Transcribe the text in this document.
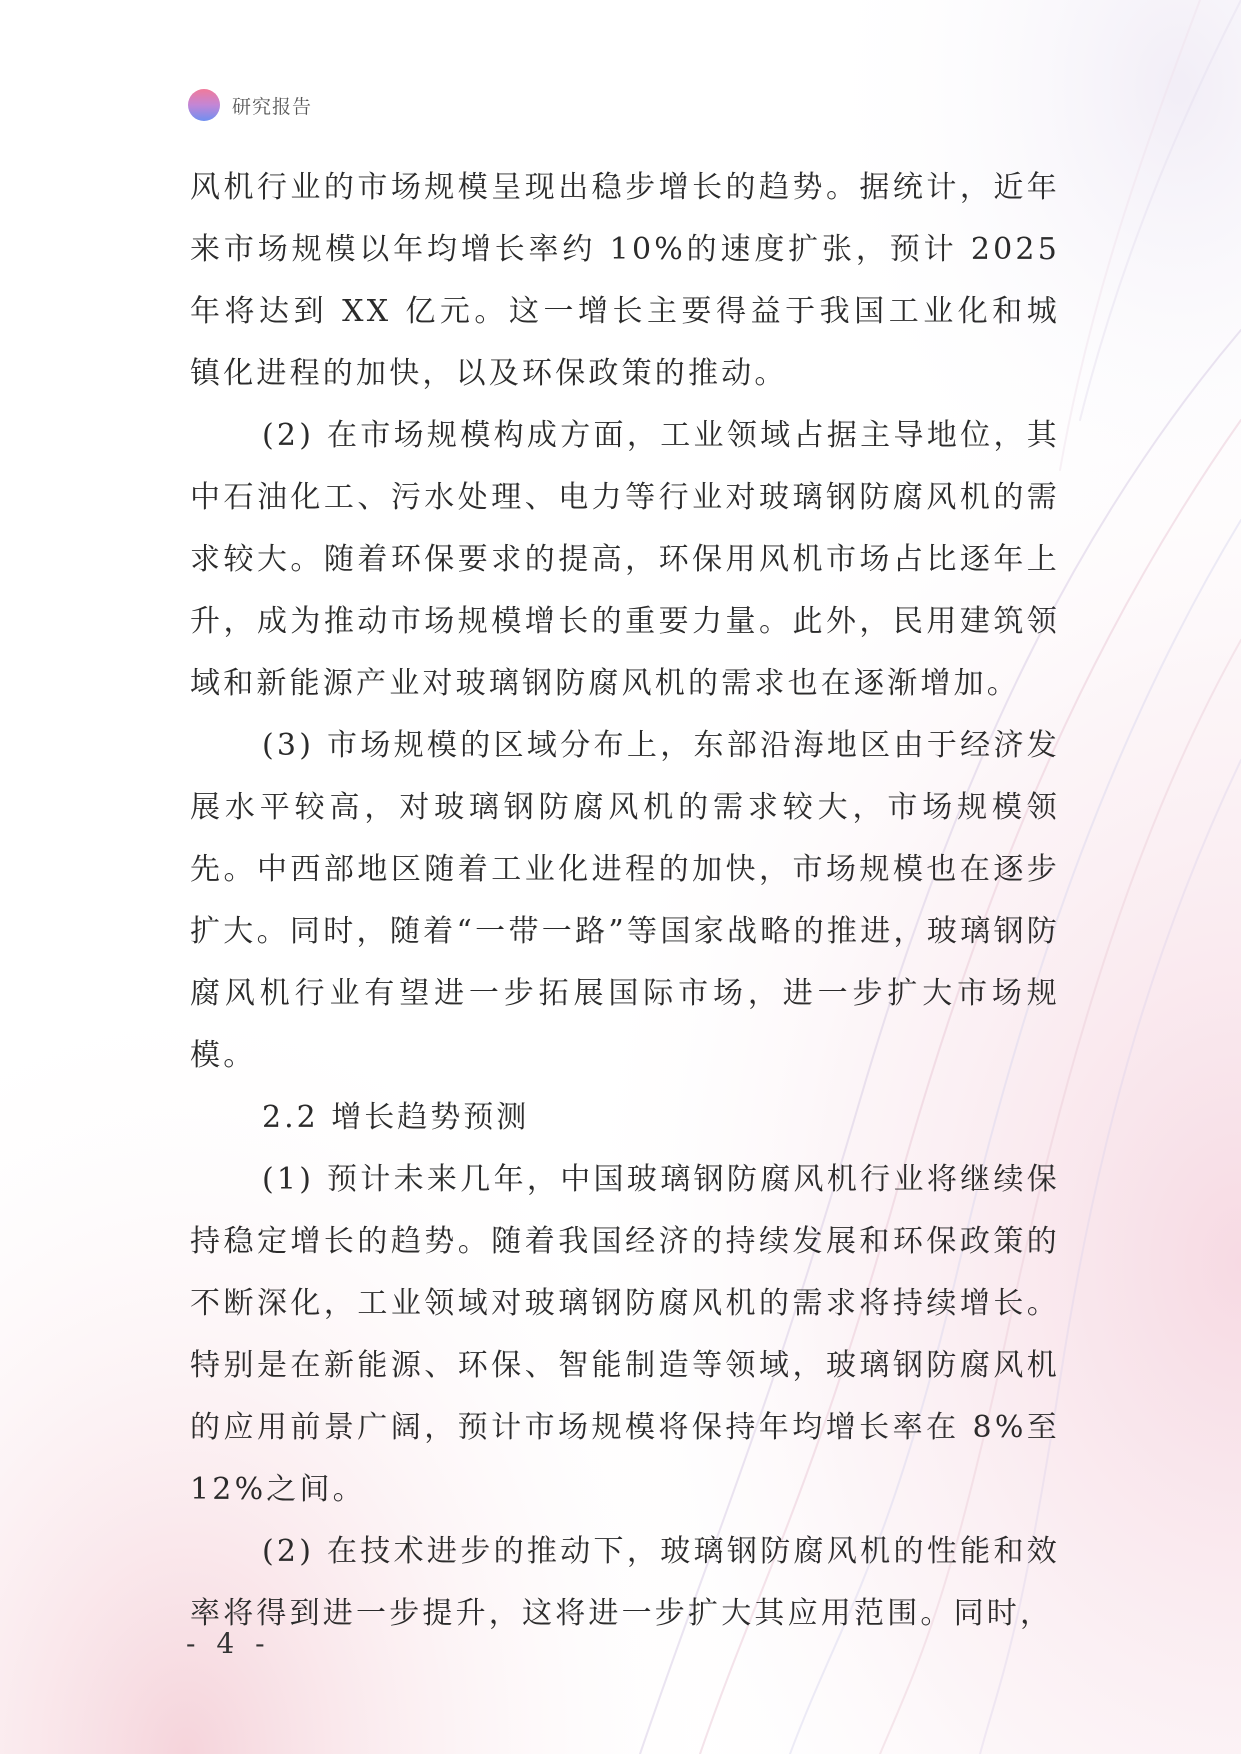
研究报告

风机行业的市场规模呈现出稳步增长的趋势。据统计，近年来市场规模以年均增长率约 10%的速度扩张，预计 2025 年将达到 XX 亿元。这一增长主要得益于我国工业化和城镇化进程的加快，以及环保政策的推动。

(2) 在市场规模构成方面，工业领域占据主导地位，其中石油化工、污水处理、电力等行业对玻璃钢防腐风机的需求较大。随着环保要求的提高，环保用风机市场占比逐年上升，成为推动市场规模增长的重要力量。此外，民用建筑领域和新能源产业对玻璃钢防腐风机的需求也在逐渐增加。

(3) 市场规模的区域分布上，东部沿海地区由于经济发展水平较高，对玻璃钢防腐风机的需求较大，市场规模领先。中西部地区随着工业化进程的加快，市场规模也在逐步扩大。同时，随着“一带一路”等国家战略的推进，玻璃钢防腐风机行业有望进一步拓展国际市场，进一步扩大市场规模。

2.2 增长趋势预测

(1) 预计未来几年，中国玻璃钢防腐风机行业将继续保持稳定增长的趋势。随着我国经济的持续发展和环保政策的不断深化，工业领域对玻璃钢防腐风机的需求将持续增长。特别是在新能源、环保、智能制造等领域，玻璃钢防腐风机的应用前景广阔，预计市场规模将保持年均增长率在 8%至 12%之间。

(2) 在技术进步的推动下，玻璃钢防腐风机的性能和效率将得到进一步提升，这将进一步扩大其应用范围。同时，

- 4 -
